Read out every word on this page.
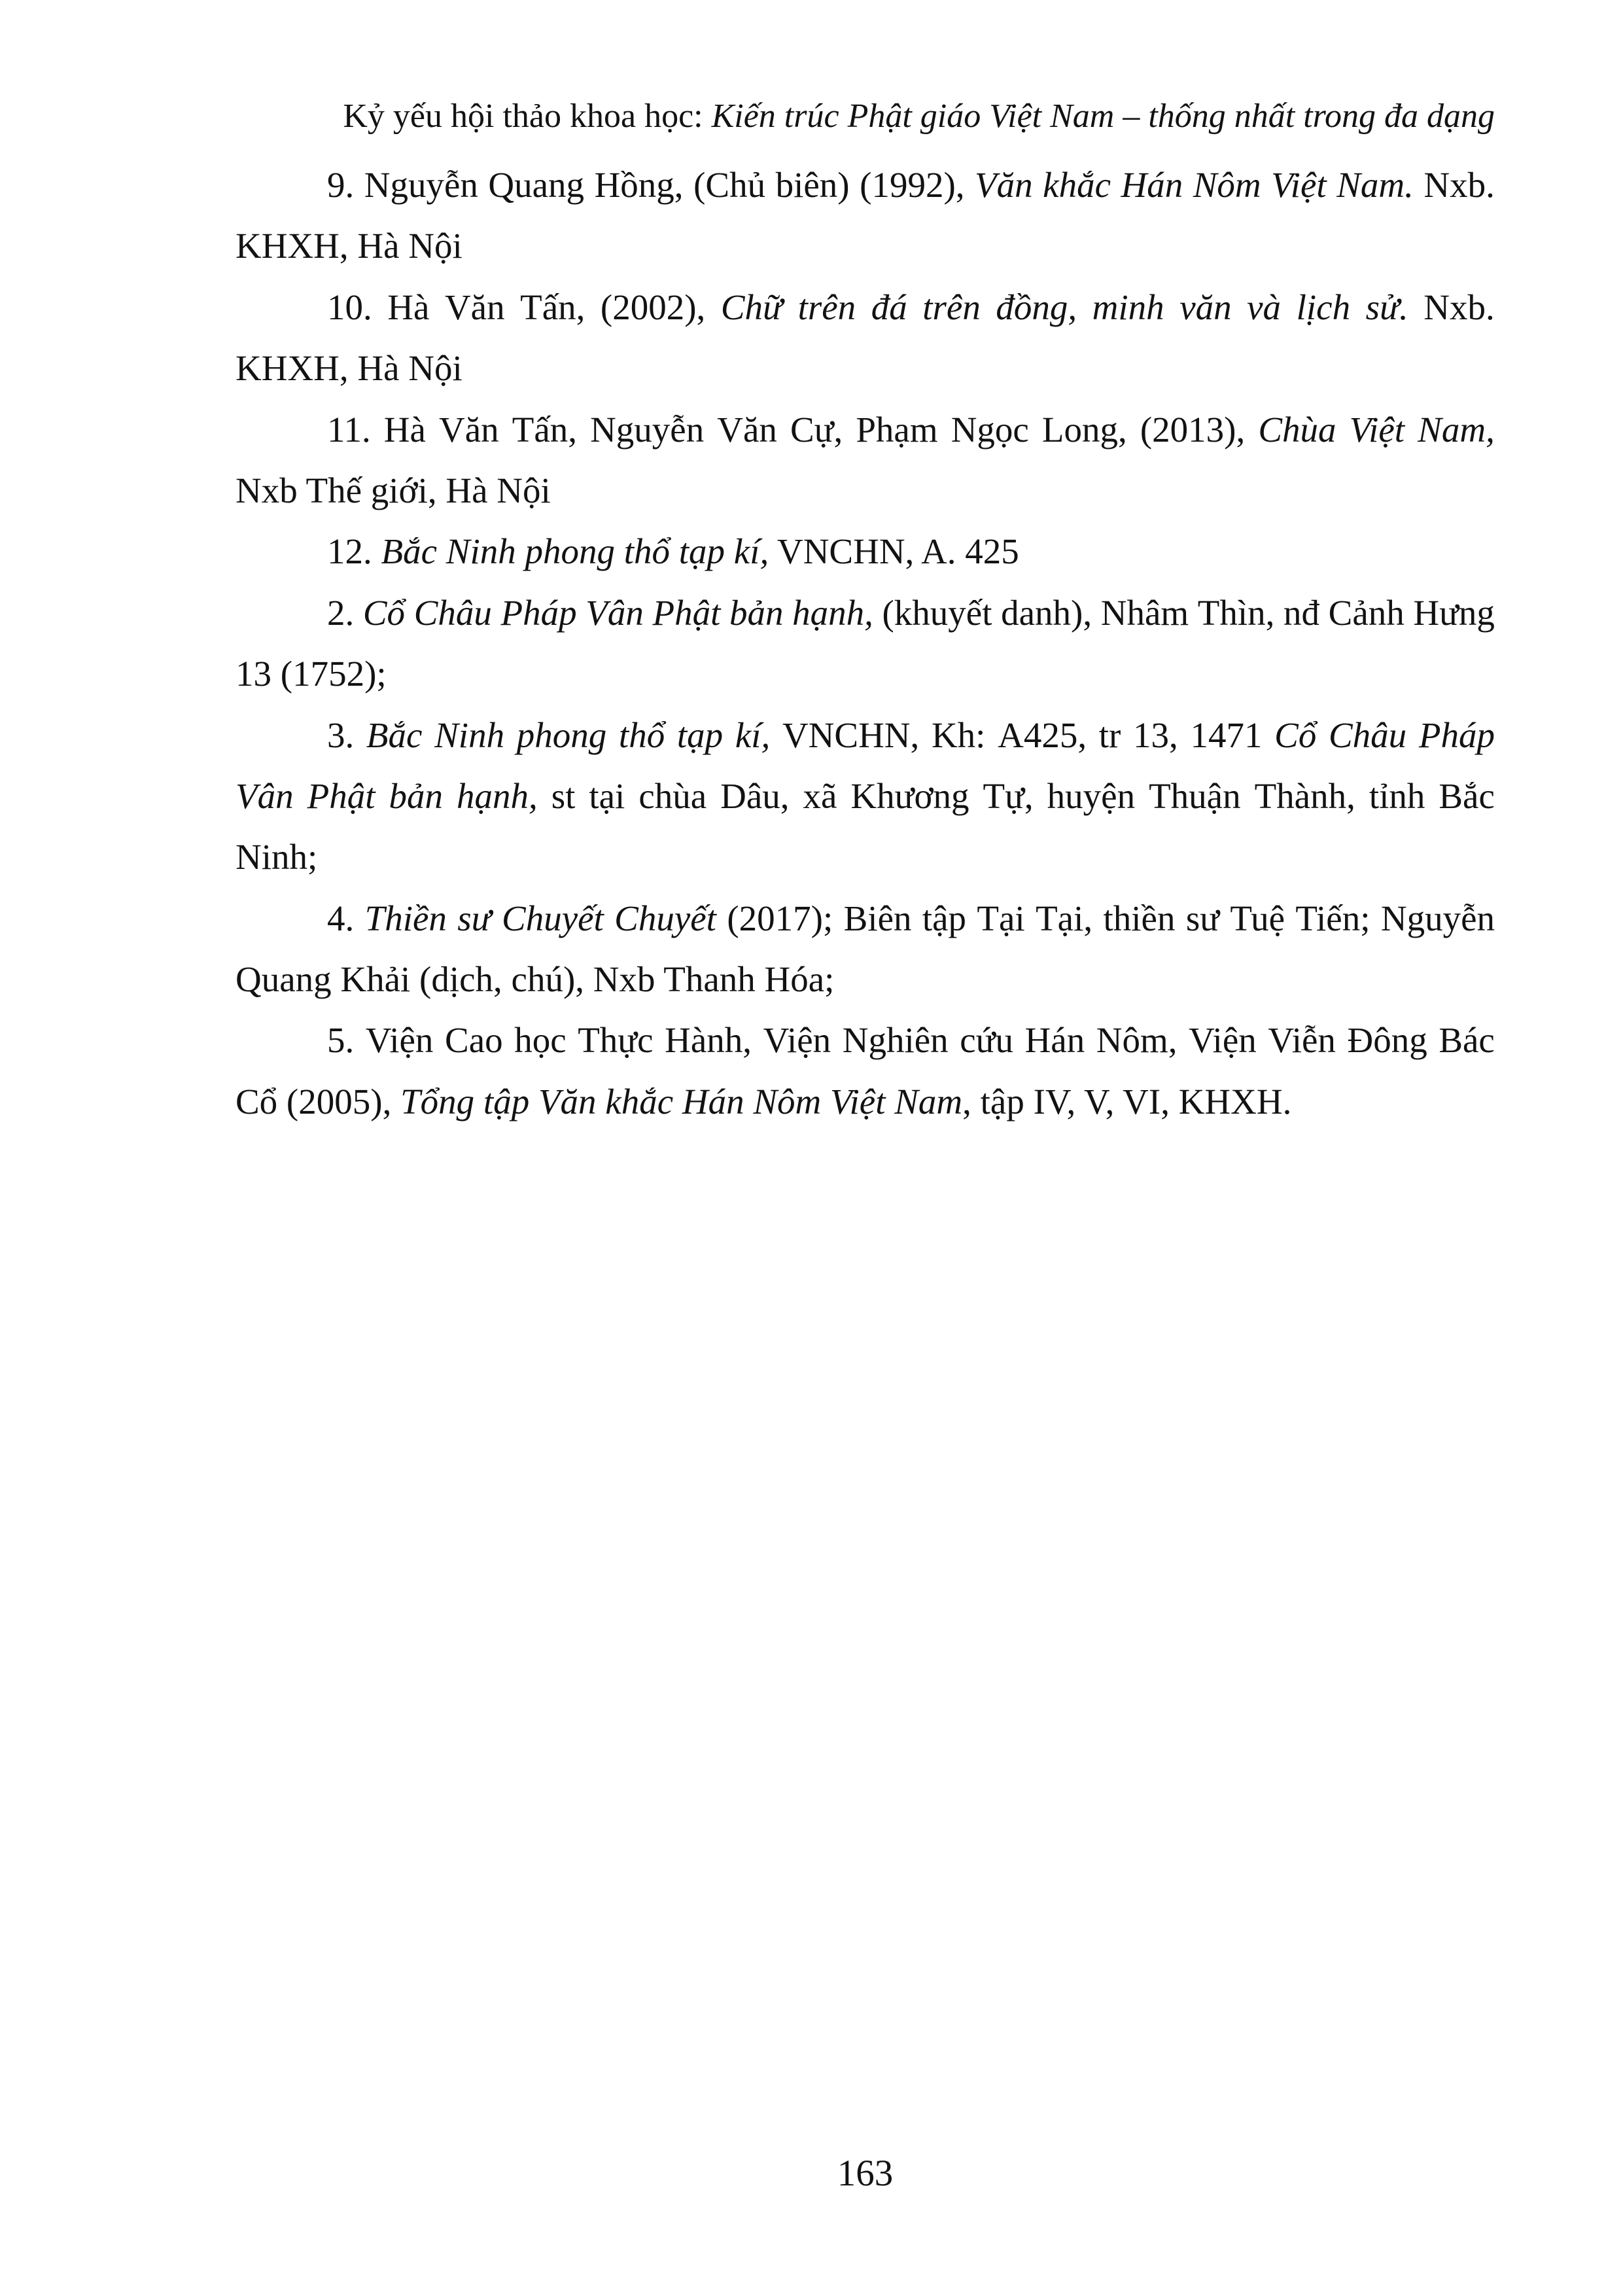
Kỷ yếu hội thảo khoa học: Kiến trúc Phật giáo Việt Nam – thống nhất trong đa dạng
9. Nguyễn Quang Hồng, (Chủ biên) (1992), Văn khắc Hán Nôm Việt Nam. Nxb.
KHXH, Hà Nội
10. Hà Văn Tấn, (2002), Chữ trên đá trên đồng, minh văn và lịch sử. Nxb.
KHXH, Hà Nội
11. Hà Văn Tấn, Nguyễn Văn Cự, Phạm Ngọc Long, (2013), Chùa Việt Nam,
Nxb Thế giới, Hà Nội
12. Bắc Ninh phong thổ tạp kí, VNCHN, A. 425
2. Cổ Châu Pháp Vân Phật bản hạnh, (khuyết danh), Nhâm Thìn, nđ Cảnh Hưng
13 (1752);
3. Bắc Ninh phong thổ tạp kí, VNCHN, Kh: A425, tr 13, 1471 Cổ Châu Pháp
Vân Phật bản hạnh, st tại chùa Dâu, xã Khương Tự, huyện Thuận Thành, tỉnh Bắc
Ninh;
4. Thiền sư Chuyết Chuyết (2017); Biên tập Tại Tại, thiền sư Tuệ Tiến; Nguyễn
Quang Khải (dịch, chú), Nxb Thanh Hóa;
5. Viện Cao học Thực Hành, Viện Nghiên cứu Hán Nôm, Viện Viễn Đông Bác
Cổ (2005), Tổng tập Văn khắc Hán Nôm Việt Nam, tập IV, V, VI, KHXH.
163
